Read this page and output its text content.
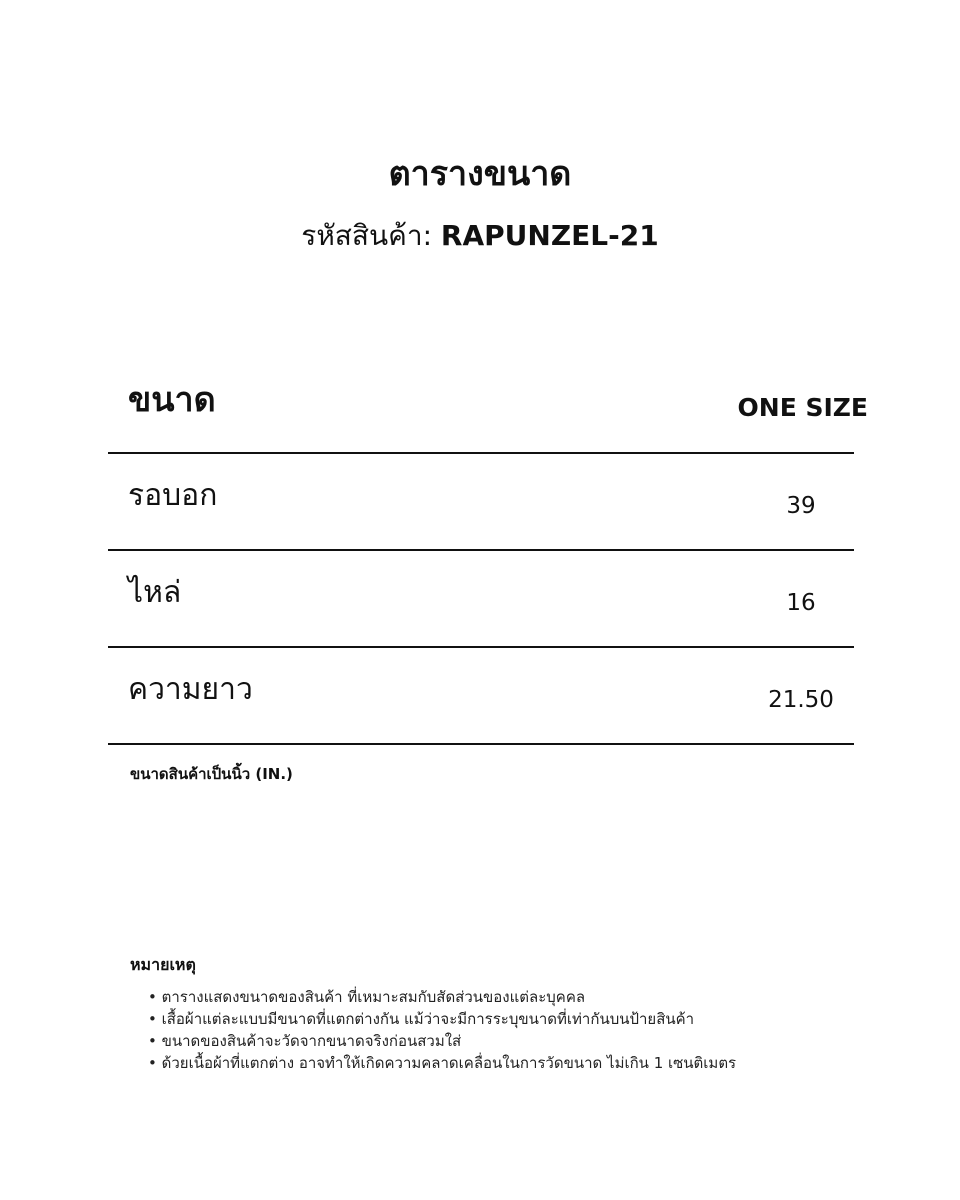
ตารางขนาด
รหัสสินค้า: RAPUNZEL-21
ขนาด	ONE SIZE
รอบอก	39
ไหล่	16
ความยาว	21.50
ขนาดสินค้าเป็นนิ้ว (IN.)
หมายเหตุ
• ตารางแสดงขนาดของสินค้า ที่เหมาะสมกับสัดส่วนของแต่ละบุคคล
• เสื้อผ้าแต่ละแบบมีขนาดที่แตกต่างกัน แม้ว่าจะมีการระบุขนาดที่เท่ากันบนป้ายสินค้า
• ขนาดของสินค้าจะวัดจากขนาดจริงก่อนสวมใส่
• ด้วยเนื้อผ้าที่แตกต่าง อาจทำให้เกิดความคลาดเคลื่อนในการวัดขนาด ไม่เกิน 1 เซนติเมตร
